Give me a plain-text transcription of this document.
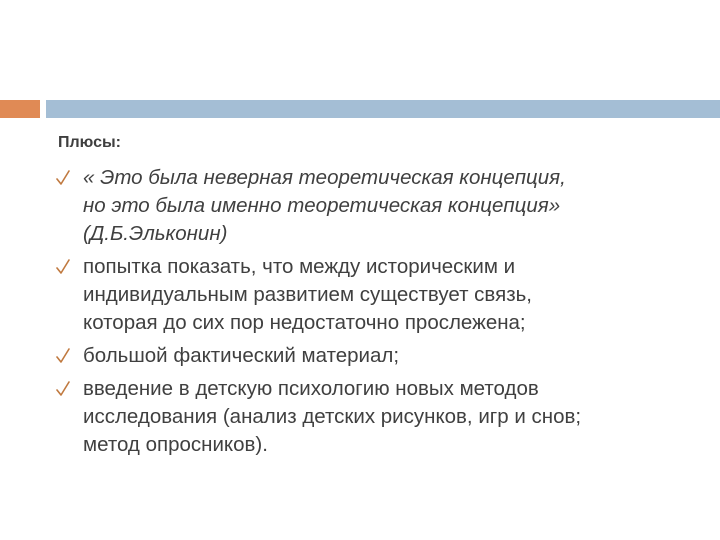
Плюсы:
« Это была неверная теоретическая концепция,
но это была именно теоретическая концепция»
(Д.Б.Эльконин)
попытка показать, что между историческим и
индивидуальным развитием существует связь,
которая до сих пор недостаточно прослежена;
большой фактический материал;
введение в детскую психологию новых методов
исследования (анализ детских рисунков, игр и снов;
метод опросников).
